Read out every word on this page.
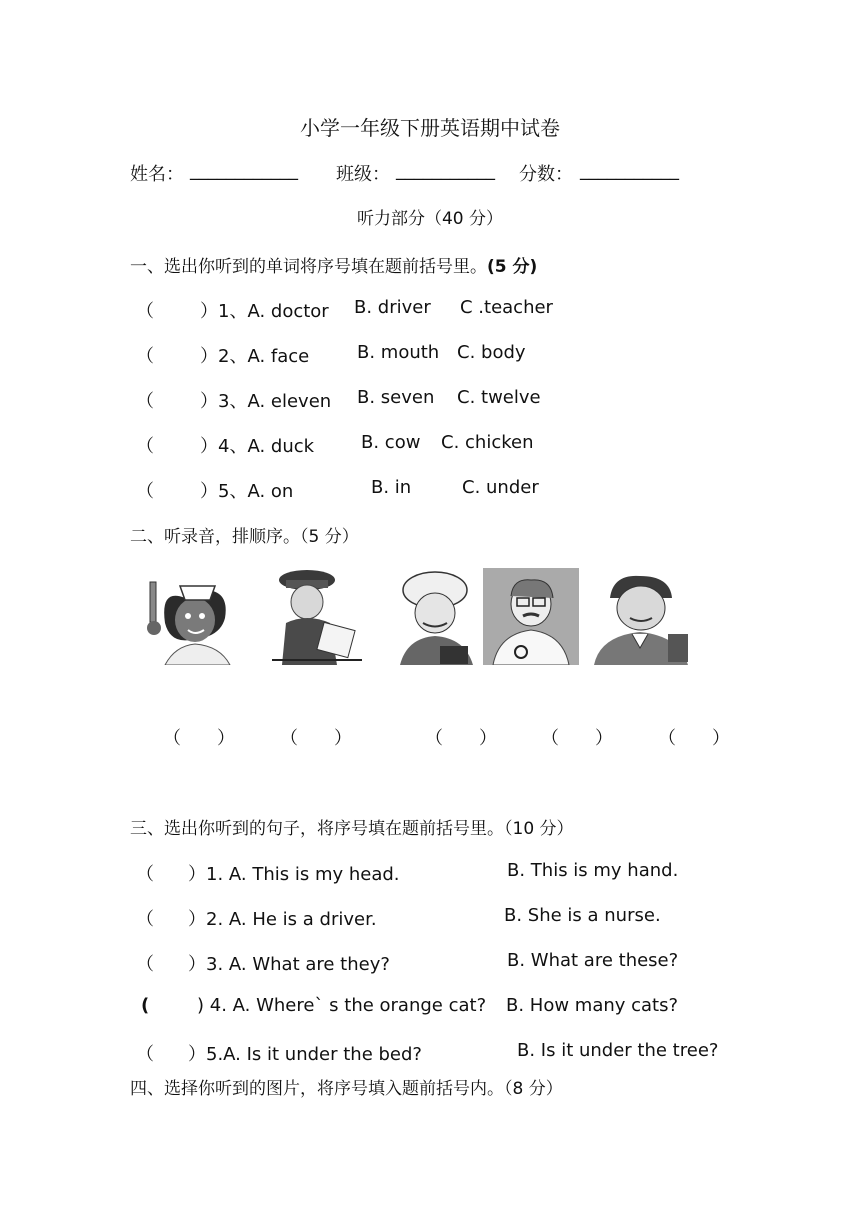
小学一年级下册英语期中试卷
姓名： ____________ 班级： ___________ 分数： ___________
听力部分（40 分）
一、选出你听到的单词将序号填在题前括号里。(5 分)
（	）1、A. doctor B. driver C .teacher
（	）2、A. face	B. mouth C. body
（	）3、A. eleven B. seven C. twelve
（	）4、A. duck	B. cow C. chicken
（	）5、A. on	B. in	C. under
二、听录音，排顺序。（5 分）
（　　）	（　　）	（　　） （　　）	（　　）
三、选出你听到的句子，将序号填在题前括号里。（10 分）
（ ）1. A. This is my head.	B. This is my hand.
（ ）2. A. He is a driver.	B. She is a nurse.
（ ）3. A. What are they?	B. What are these?
(	) 4. A. Where` s the orange cat? B. How many cats?
（ ）5.A. Is it under the bed?	B. Is it under the tree?
四、选择你听到的图片，将序号填入题前括号内。（8 分）
